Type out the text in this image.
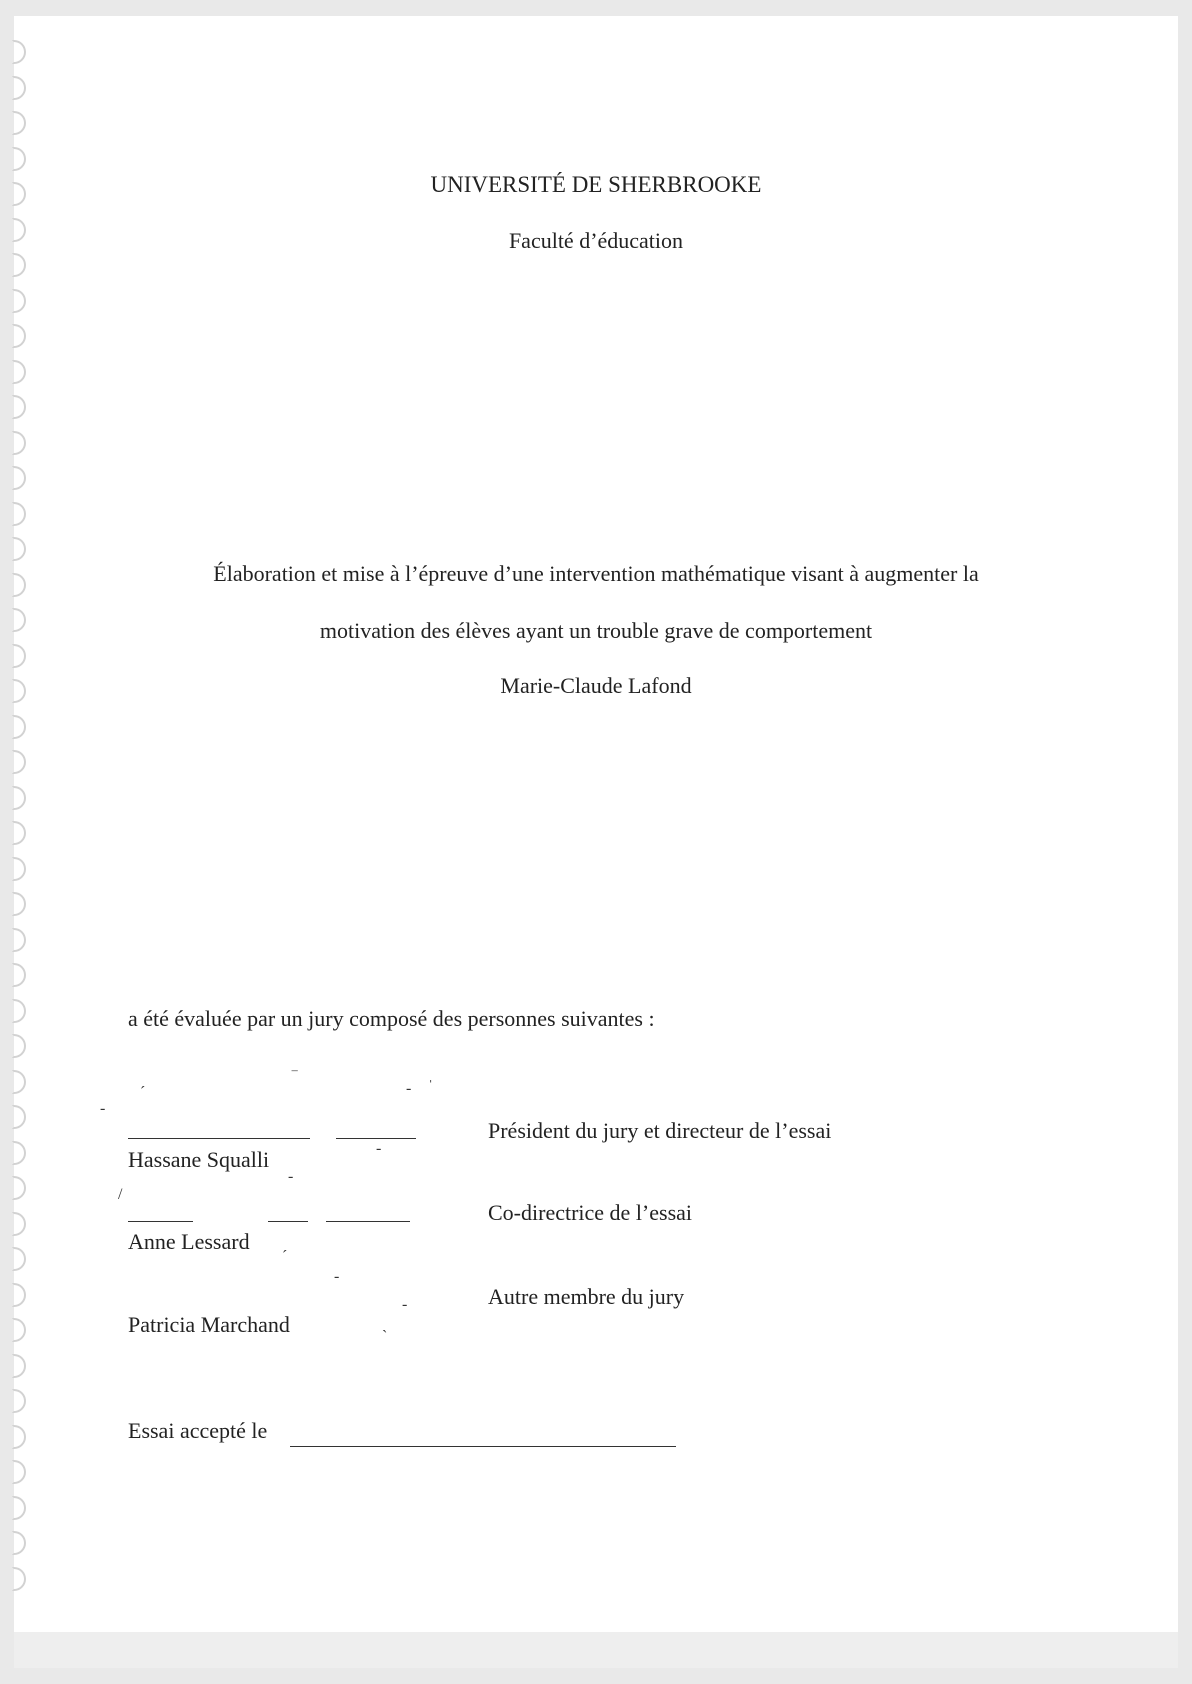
UNIVERSITÉ DE SHERBROOKE
Faculté d’éducation
Élaboration et mise à l’épreuve d’une intervention mathématique visant à augmenter la
motivation des élèves ayant un trouble grave de comportement
Marie-Claude Lafond
a été évaluée par un jury composé des personnes suivantes :
Hassane Squalli
Président du jury et directeur de l’essai
Anne Lessard
Co-directrice de l’essai
Patricia Marchand
Autre membre du jury
ˊ
‾
- ˈ
-
-
-
/
ˊ
-
-
ˎ
Essai accepté le
